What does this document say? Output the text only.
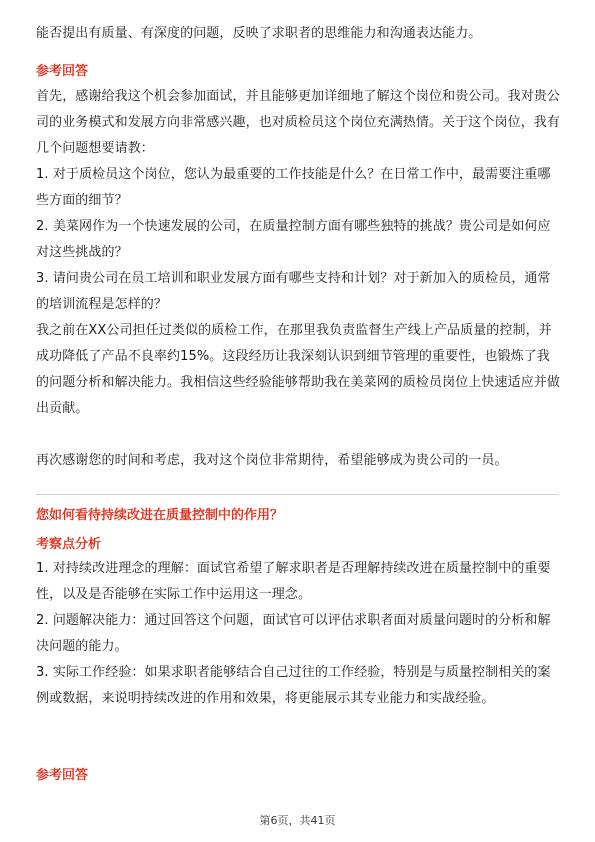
能否提出有质量、有深度的问题，反映了求职者的思维能力和沟通表达能力。

参考回答

首先，感谢给我这个机会参加面试，并且能够更加详细地了解这个岗位和贵公司。我对贵公司的业务模式和发展方向非常感兴趣，也对质检员这个岗位充满热情。关于这个岗位，我有几个问题想要请教：

1. 对于质检员这个岗位，您认为最重要的工作技能是什么？在日常工作中，最需要注重哪些方面的细节？

2. 美菜网作为一个快速发展的公司，在质量控制方面有哪些独特的挑战？贵公司是如何应对这些挑战的？

3. 请问贵公司在员工培训和职业发展方面有哪些支持和计划？对于新加入的质检员，通常的培训流程是怎样的？

我之前在XX公司担任过类似的质检工作，在那里我负责监督生产线上产品质量的控制，并成功降低了产品不良率约15%。这段经历让我深刻认识到细节管理的重要性，也锻炼了我的问题分析和解决能力。我相信这些经验能够帮助我在美菜网的质检员岗位上快速适应并做出贡献。

再次感谢您的时间和考虑，我对这个岗位非常期待，希望能够成为贵公司的一员。

您如何看待持续改进在质量控制中的作用？

考察点分析

1. 对持续改进理念的理解：面试官希望了解求职者是否理解持续改进在质量控制中的重要性，以及是否能够在实际工作中运用这一理念。

2. 问题解决能力：通过回答这个问题，面试官可以评估求职者面对质量问题时的分析和解决问题的能力。

3. 实际工作经验：如果求职者能够结合自己过往的工作经验，特别是与质量控制相关的案例或数据，来说明持续改进的作用和效果，将更能展示其专业能力和实战经验。

参考回答

第6页，共41页
